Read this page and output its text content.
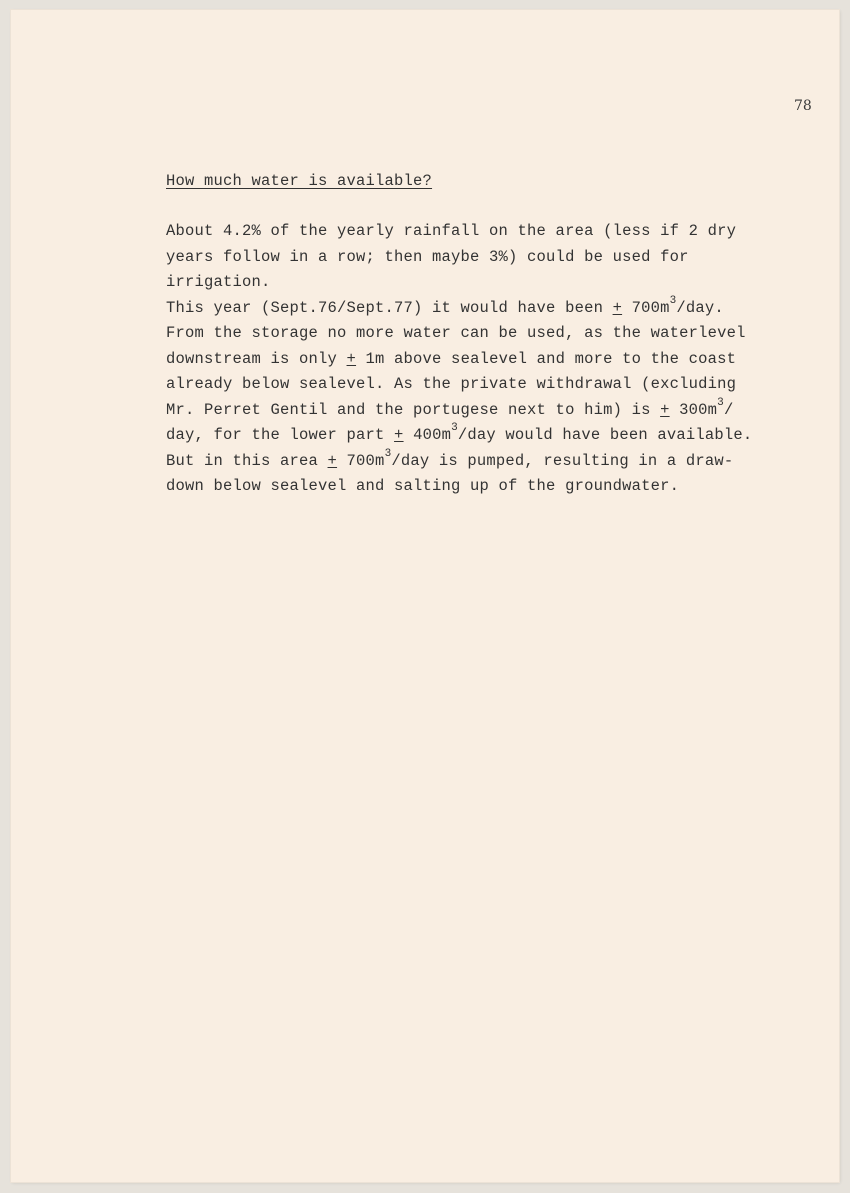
78
How much water is available?
About 4.2% of the yearly rainfall on the area (less if 2 dry
years follow in a row; then maybe 3%) could be used for
irrigation.
This year (Sept.76/Sept.77) it would have been + $700m^3$/day.
From the storage no more water can be used, as the waterlevel
downstream is only + 1m above sealevel and more to the coast
already below sealevel. As the private withdrawal (excluding
Mr. Perret Gentil and the portugese next to him) is + $300m^3/$
day, for the lower part + $400m^3$/day would have been available.
But in this area + $700m^3$/day is pumped, resulting in a draw-
down below sealevel and salting up of the groundwater.
